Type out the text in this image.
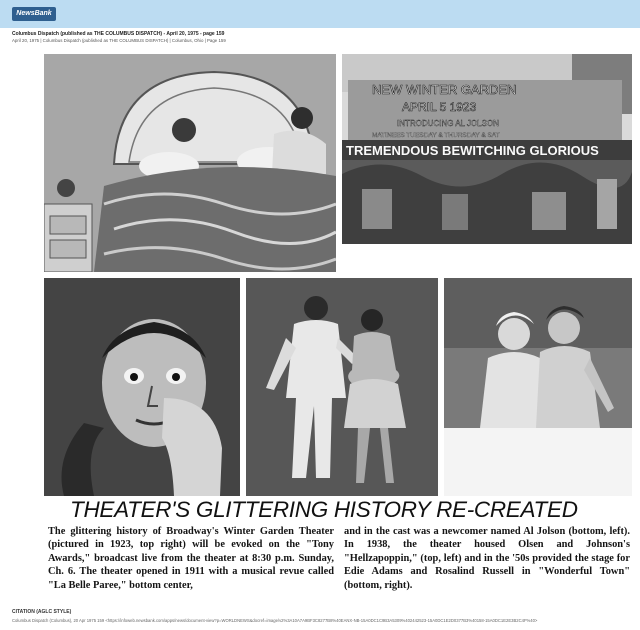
NewsBank
Columbus Dispatch (published as THE COLUMBUS DISPATCH) - April 20, 1975 - page 159
April 20, 1975 | Columbus Dispatch (published as THE COLUMBUS DISPATCH) | Columbus, Ohio | Page 159
NEW WINTER GARDEN
APRIL 5 1923
INTRODUCING AL JOLSON
MATINEES TUESDAY & THURSDAY & SAT
TREMENDOUS BEWITCHING GLORIOUS
THEATER'S GLITTERING HISTORY RE-CREATED
The glittering history of Broadway's Winter Garden Theater (pictured in 1923, top right) will be evoked on the "Tony Awards," broadcast live from the theater at 8:30 p.m. Sunday, Ch. 6. The theater opened in 1911 with a musical revue called "La Belle Paree," bottom center,
and in the cast was a newcomer named Al Jolson (bottom, left). In 1938, the theater housed Olsen and Johnson's "Hellzapoppin," (top, left) and in the '50s provided the stage for Edie Adams and Rosalind Russell in "Wonderful Town" (bottom, right).
CITATION (AGLC STYLE)
Columbus Dispatch (Columbus), 20 Apr 1975 159 <https://infoweb.newsbank.com/apps/news/document-view?p=WORLDNEWS&docref=image/v2%3A10A7A9BF3C8277B8%40EANX-NB-15A0DC1C9B3A5309%402442523-15A0DC1E2D0377B3%40158-15A0DC1E2E3B2C4F%40>
